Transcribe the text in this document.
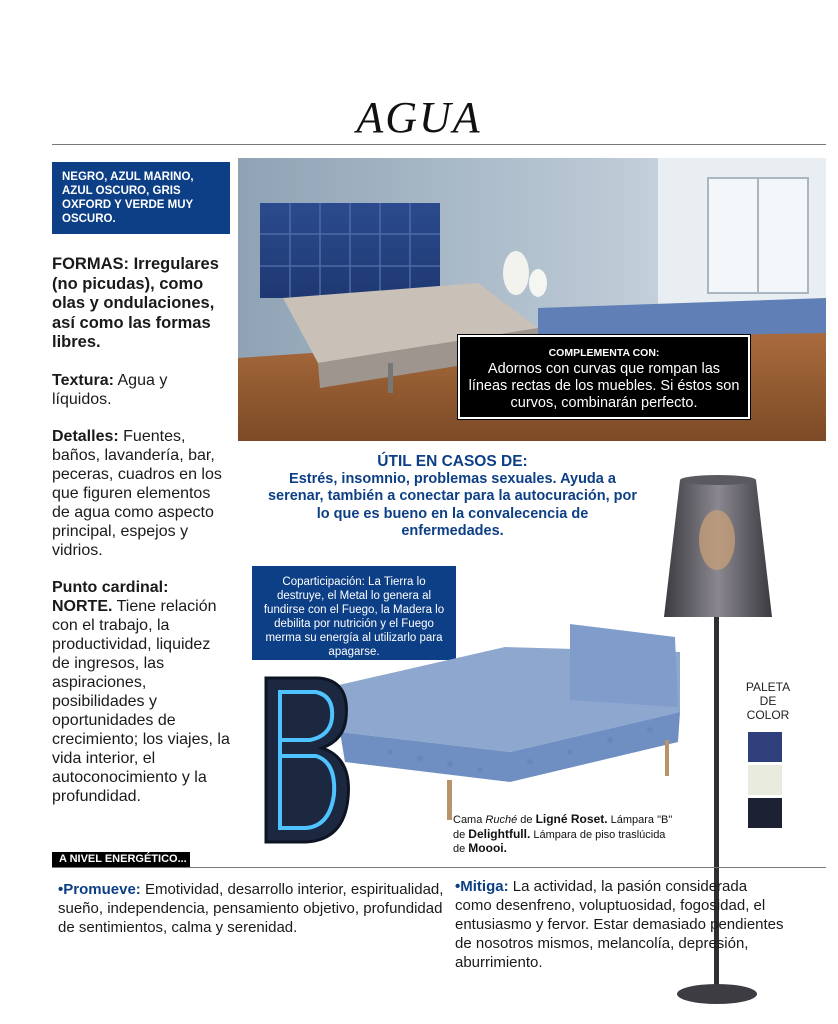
AGUA
NEGRO, AZUL MARINO, AZUL OSCURO, GRIS OXFORD Y VERDE MUY OSCURO.

FORMAS: Irregulares (no picudas), como olas y ondulaciones, así como las formas libres.

Textura: Agua y líquidos.

Detalles: Fuentes, baños, lavandería, bar, peceras, cuadros en los que figuren elementos de agua como aspecto principal, espejos y vidrios.

Punto cardinal: NORTE. Tiene relación con el trabajo, la productividad, liquidez de ingresos, las aspiraciones, posibilidades y oportunidades de crecimiento; los viajes, la vida interior, el autoconocimiento y la profundidad.

COMPLEMENTA CON:
Adornos con curvas que rompan las líneas rectas de los muebles. Si éstos son curvos, combinarán perfecto.
ÚTIL EN CASOS DE:
Estrés, insomnio, problemas sexuales. Ayuda a serenar, también a conectar para la autocuración, por lo que es bueno en la convalecencia de enfermedades.
Coparticipación: La Tierra lo destruye, el Metal lo genera al fundirse con el Fuego, la Madera lo debilita por nutrición y el Fuego merma su energía al utilizarlo para apagarse.
PALETA
DE
COLOR
Cama Ruché de Ligné Roset. Lámpara "B" de Delightfull. Lámpara de piso traslúcida de Moooi.
A NIVEL ENERGÉTICO...
•Promueve: Emotividad, desarrollo interior, espiritualidad, sueño, independencia, pensamiento objetivo, profundidad de sentimientos, calma y serenidad.
•Mitiga: La actividad, la pasión considerada como desenfreno, voluptuosidad, fogosidad, el entusiasmo y fervor. Estar demasiado pendientes de nosotros mismos, melancolía, depresión, aburrimiento.
